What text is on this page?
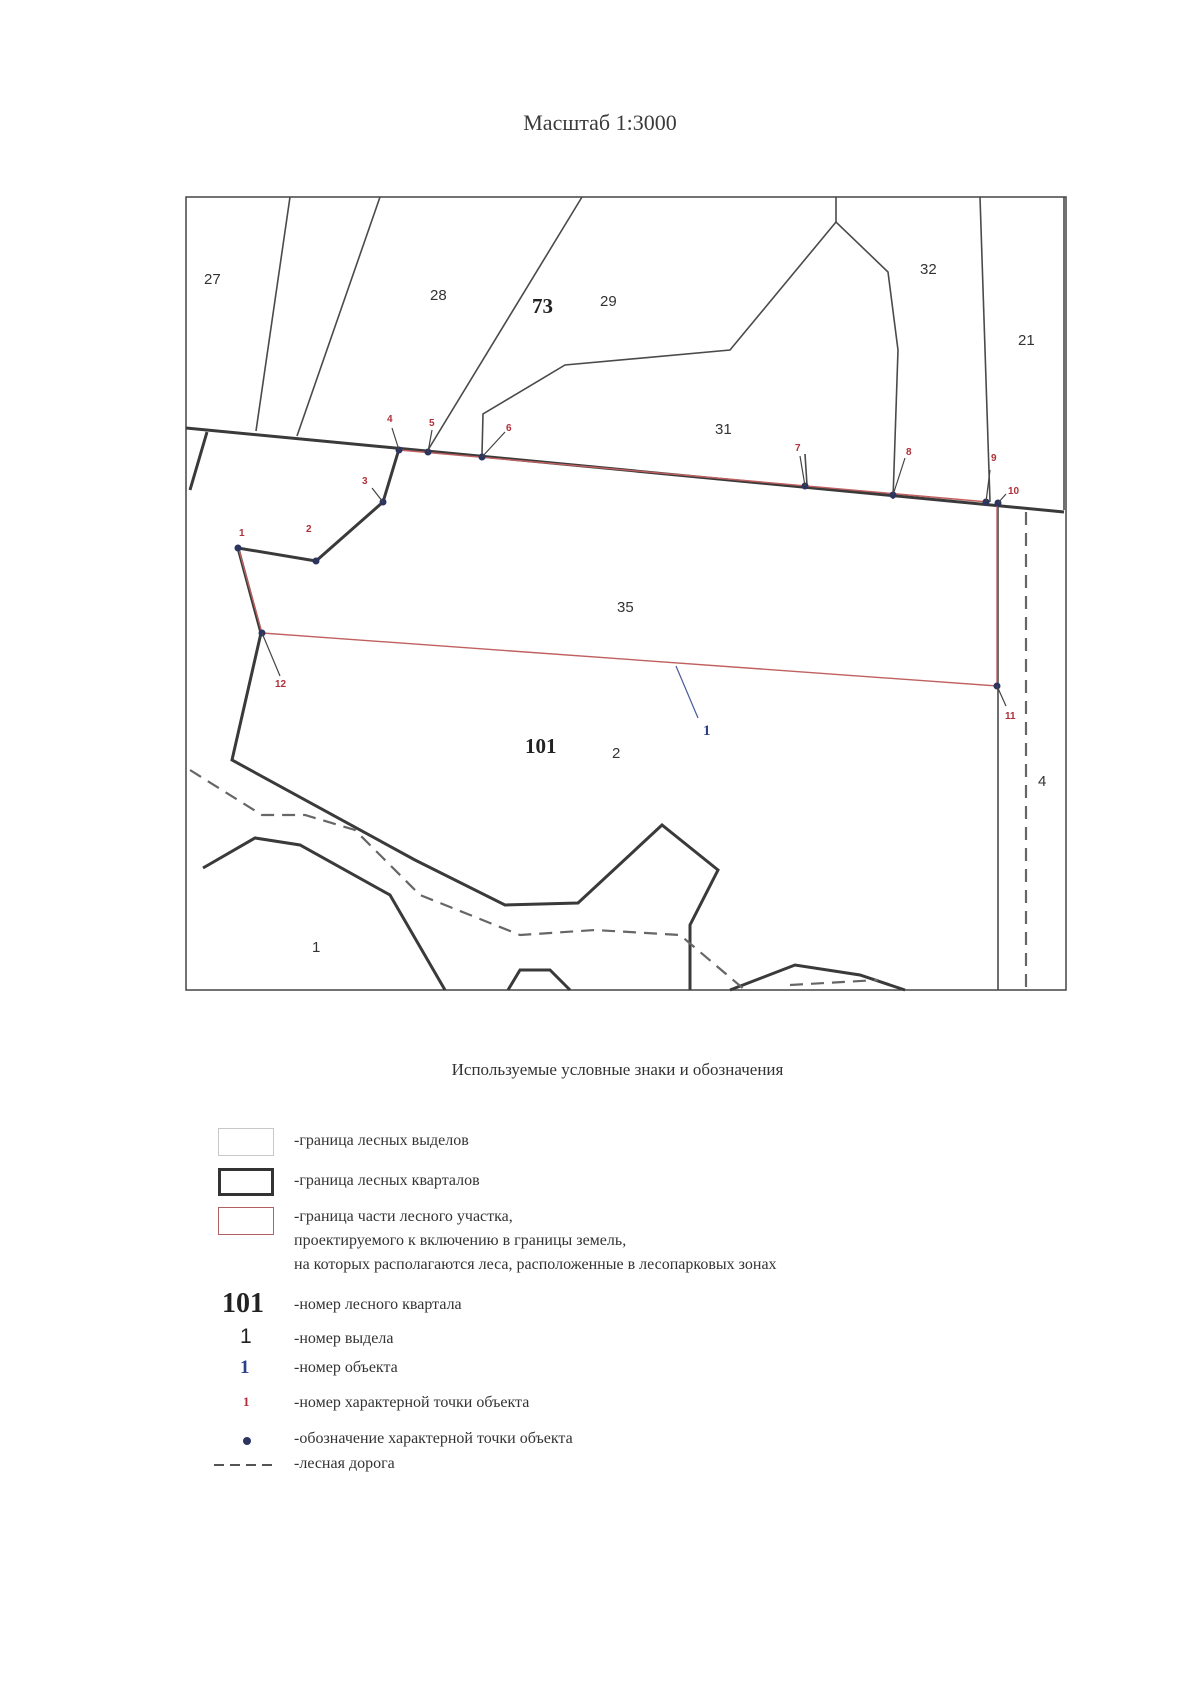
Масштаб 1:3000
27
28	29
32
21
31
35
2
4
1
73
101
1	2
3
4	5	6
7	8
9
10
11
12
1
Используемые условные знаки и обозначения
-граница лесных выделов
-граница лесных кварталов
-граница части лесного участка,
проектируемого к включению в границы земель,
на которых располагаются леса, расположенные в лесопарковых зонах
101 -номер лесного квартала
1	-номер выдела
1	-номер объекта
1	-номер характерной точки объекта
-обозначение характерной точки объекта
-лесная дорога
